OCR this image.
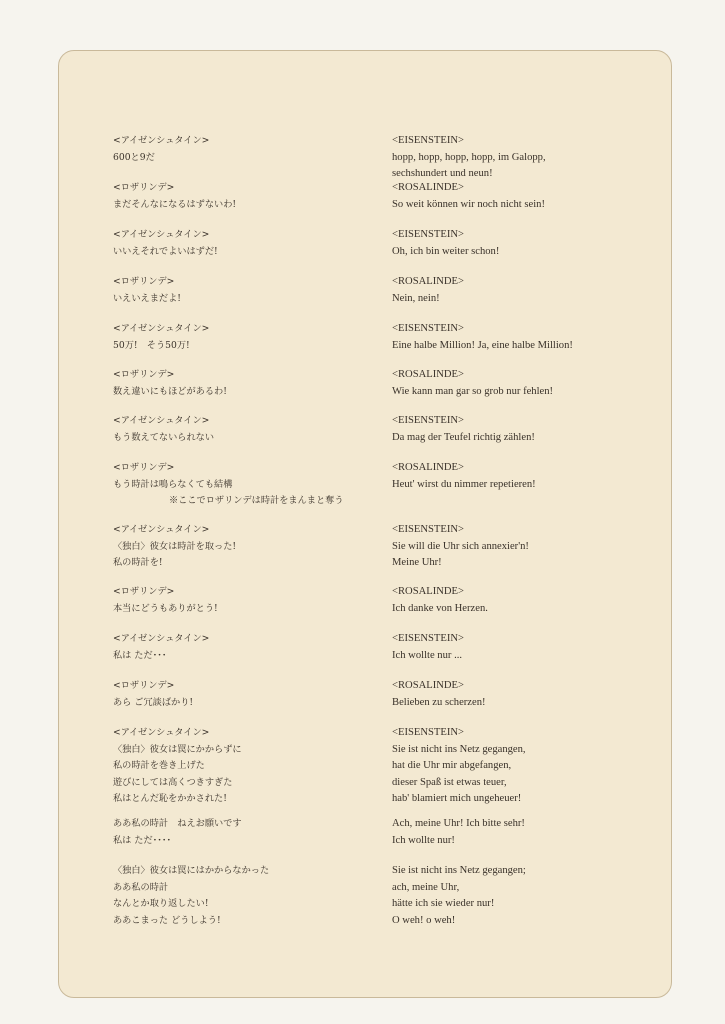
<アイゼンシュタイン>
600と9だ
<ロザリンデ>
まだそんなになるはずないわ!
<アイゼンシュタイン>
いいえそれでよいはずだ!
<ロザリンデ>
いえいえまだよ!
<アイゼンシュタイン>
50万!　そう50万!
<ロザリンデ>
数え違いにもほどがあるわ!
<アイゼンシュタイン>
もう数えてないられない
<ロザリンデ>
もう時計は鳴らなくても結構
※ここでロザリンデは時計をまんまと奪う
<アイゼンシュタイン>
〈独白〉彼女は時計を取った!
私の時計を!
<ロザリンデ>
本当にどうもありがとう!
<アイゼンシュタイン>
私は ただ･･･
<ロザリンデ>
あら ご冗談ばかり!
<アイゼンシュタイン>
〈独白〉彼女は罠にかからずに
私の時計を巻き上げた
遊びにしては高くつきすぎた
私はとんだ恥をかかされた!
ああ私の時計　ねえお願いです
私は ただ････
〈独白〉彼女は罠にはかからなかった
ああ私の時計
なんとか取り返したい!
ああこまった どうしよう!
<EISENSTEIN>
hopp, hopp, hopp, hopp, im Galopp,
sechshundert und neun!
<ROSALINDE>
So weit können wir noch nicht sein!
<EISENSTEIN>
Oh, ich bin weiter schon!
<ROSALINDE>
Nein, nein!
<EISENSTEIN>
Eine halbe Million! Ja, eine halbe Million!
<ROSALINDE>
Wie kann man gar so grob nur fehlen!
<EISENSTEIN>
Da mag der Teufel richtig zählen!
<ROSALINDE>
Heut' wirst du nimmer repetieren!
<EISENSTEIN>
Sie will die Uhr sich annexier'n!
Meine Uhr!
<ROSALINDE>
Ich danke von Herzen.
<EISENSTEIN>
Ich wollte nur ...
<ROSALINDE>
Belieben zu scherzen!
<EISENSTEIN>
Sie ist nicht ins Netz gegangen,
hat die Uhr mir abgefangen,
dieser Spaß ist etwas teuer,
hab' blamiert mich ungeheuer!
Ach, meine Uhr! Ich bitte sehr!
Ich wollte nur!
Sie ist nicht ins Netz gegangen;
ach, meine Uhr,
hätte ich sie wieder nur!
O weh! o weh!
